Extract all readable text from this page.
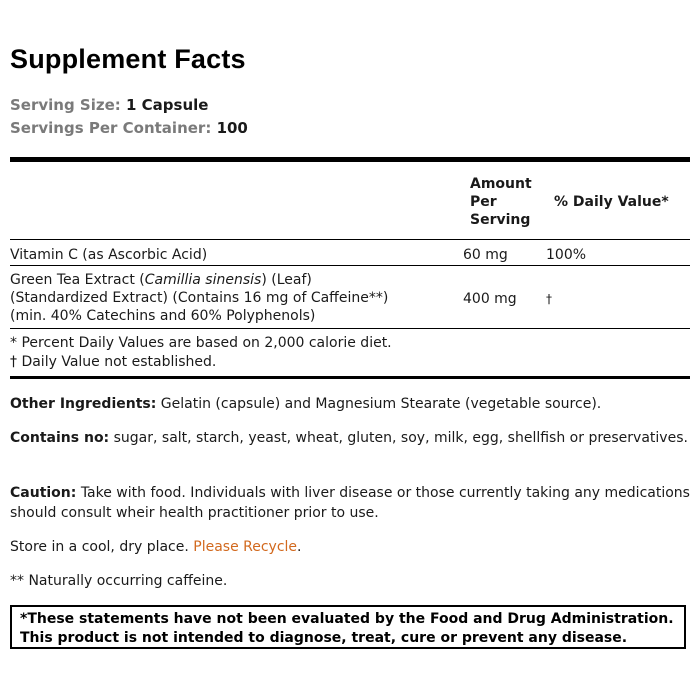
Supplement Facts
Serving Size: 1 Capsule
Servings Per Container: 100
Amount
Per
Serving
% Daily Value*
Vitamin C (as Ascorbic Acid)	60 mg	100%
Green Tea Extract (Camillia sinensis) (Leaf)
(Standardized Extract) (Contains 16 mg of Caffeine**)
(min. 40% Catechins and 60% Polyphenols)
400 mg †
* Percent Daily Values are based on 2,000 calorie diet.
† Daily Value not established.
Other Ingredients: Gelatin (capsule) and Magnesium Stearate (vegetable source).
Contains no: sugar, salt, starch, yeast, wheat, gluten, soy, milk, egg, shellfish or preservatives.
Caution: Take with food. Individuals with liver disease or those currently taking any medications should consult wheir health practitioner prior to use.
Store in a cool, dry place. Please Recycle.
** Naturally occurring caffeine.
*These statements have not been evaluated by the Food and Drug Administration.
This product is not intended to diagnose, treat, cure or prevent any disease.
